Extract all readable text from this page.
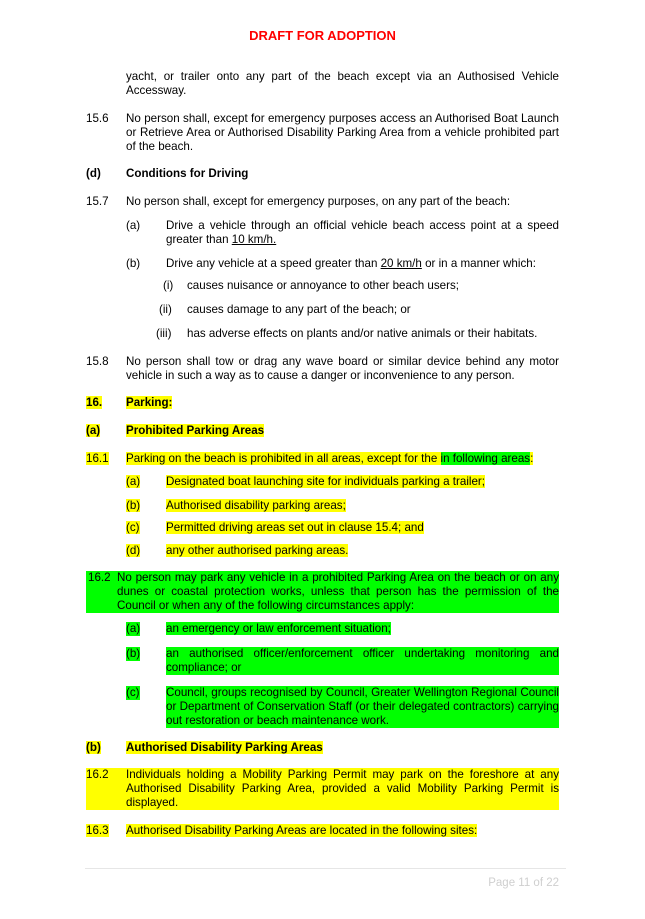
DRAFT FOR ADOPTION
yacht, or trailer onto any part of the beach except via an Authosised Vehicle Accessway.
15.6 No person shall, except for emergency purposes access an Authorised Boat Launch or Retrieve Area or Authorised Disability Parking Area from a vehicle prohibited part of the beach.
(d) Conditions for Driving
15.7 No person shall, except for emergency purposes, on any part of the beach:
(a) Drive a vehicle through an official vehicle beach access point at a speed greater than 10 km/h.
(b) Drive any vehicle at a speed greater than 20 km/h or in a manner which:
(i) causes nuisance or annoyance to other beach users;
(ii) causes damage to any part of the beach; or
(iii) has adverse effects on plants and/or native animals or their habitats.
15.8 No person shall tow or drag any wave board or similar device behind any motor vehicle in such a way as to cause a danger or inconvenience to any person.
16. Parking:
(a) Prohibited Parking Areas
16.1 Parking on the beach is prohibited in all areas, except for the in following areas:
(a) Designated boat launching site for individuals parking a trailer;
(b) Authorised disability parking areas;
(c) Permitted driving areas set out in clause 15.4; and
(d) any other authorised parking areas.
16.2 No person may park any vehicle in a prohibited Parking Area on the beach or on any dunes or coastal protection works, unless that person has the permission of the Council or when any of the following circumstances apply:
(a) an emergency or law enforcement situation;
(b) an authorised officer/enforcement officer undertaking monitoring and compliance; or
(c) Council, groups recognised by Council, Greater Wellington Regional Council or Department of Conservation Staff (or their delegated contractors) carrying out restoration or beach maintenance work.
(b) Authorised Disability Parking Areas
16.2 Individuals holding a Mobility Parking Permit may park on the foreshore at any Authorised Disability Parking Area, provided a valid Mobility Parking Permit is displayed.
16.3 Authorised Disability Parking Areas are located in the following sites:
Page 11 of 22
